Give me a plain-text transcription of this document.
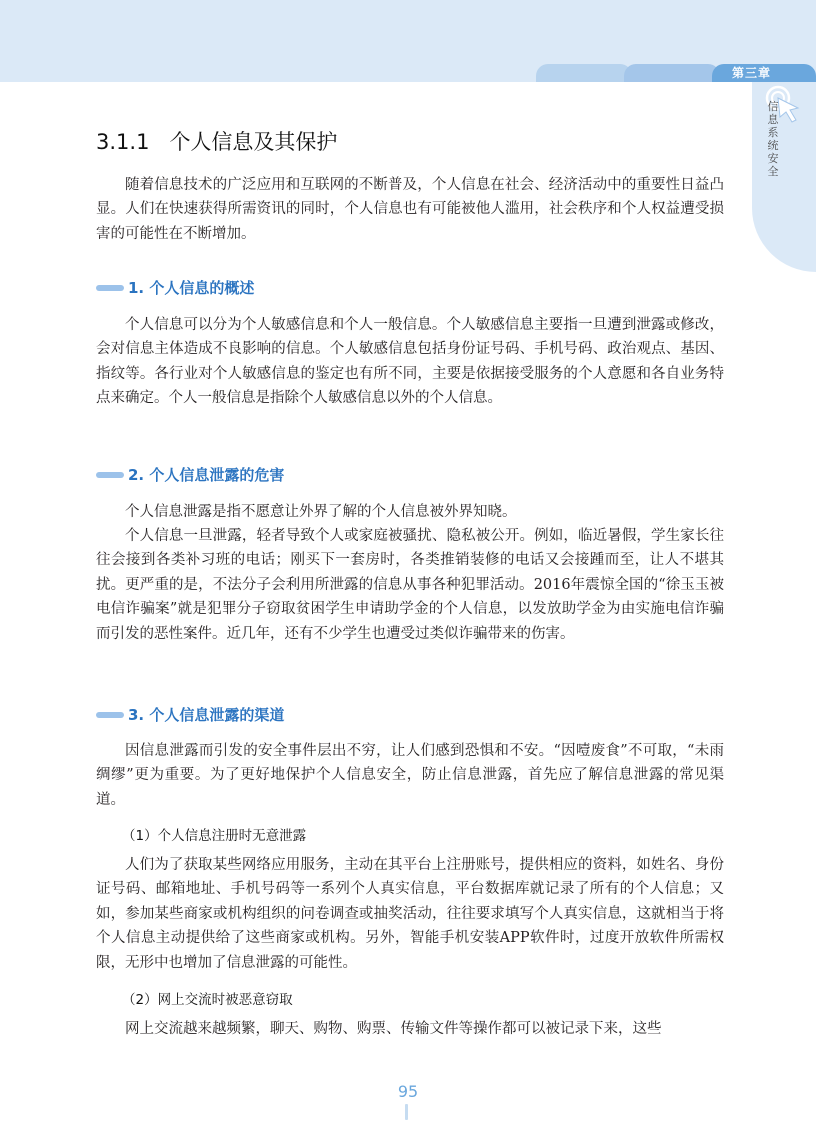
第三章
信息系统安全
3.1.1 个人信息及其保护

随着信息技术的广泛应用和互联网的不断普及，个人信息在社会、经济活动中的重要性日益凸显。人们在快速获得所需资讯的同时，个人信息也有可能被他人滥用，社会秩序和个人权益遭受损害的可能性在不断增加。

1. 个人信息的概述

个人信息可以分为个人敏感信息和个人一般信息。个人敏感信息主要指一旦遭到泄露或修改，会对信息主体造成不良影响的信息。个人敏感信息包括身份证号码、手机号码、政治观点、基因、指纹等。各行业对个人敏感信息的鉴定也有所不同，主要是依据接受服务的个人意愿和各自业务特点来确定。个人一般信息是指除个人敏感信息以外的个人信息。

2. 个人信息泄露的危害

个人信息泄露是指不愿意让外界了解的个人信息被外界知晓。

个人信息一旦泄露，轻者导致个人或家庭被骚扰、隐私被公开。例如，临近暑假，学生家长往往会接到各类补习班的电话；刚买下一套房时，各类推销装修的电话又会接踵而至，让人不堪其扰。更严重的是，不法分子会利用所泄露的信息从事各种犯罪活动。2016年震惊全国的“徐玉玉被电信诈骗案”就是犯罪分子窃取贫困学生申请助学金的个人信息，以发放助学金为由实施电信诈骗而引发的恶性案件。近几年，还有不少学生也遭受过类似诈骗带来的伤害。

3. 个人信息泄露的渠道

因信息泄露而引发的安全事件层出不穷，让人们感到恐惧和不安。“因噎废食”不可取，“未雨绸缪”更为重要。为了更好地保护个人信息安全，防止信息泄露，首先应了解信息泄露的常见渠道。

（1）个人信息注册时无意泄露

人们为了获取某些网络应用服务，主动在其平台上注册账号，提供相应的资料，如姓名、身份证号码、邮箱地址、手机号码等一系列个人真实信息，平台数据库就记录了所有的个人信息；又如，参加某些商家或机构组织的问卷调查或抽奖活动，往往要求填写个人真实信息，这就相当于将个人信息主动提供给了这些商家或机构。另外，智能手机安装APP软件时，过度开放软件所需权限，无形中也增加了信息泄露的可能性。

（2）网上交流时被恶意窃取

网上交流越来越频繁，聊天、购物、购票、传输文件等操作都可以被记录下来，这些

95
